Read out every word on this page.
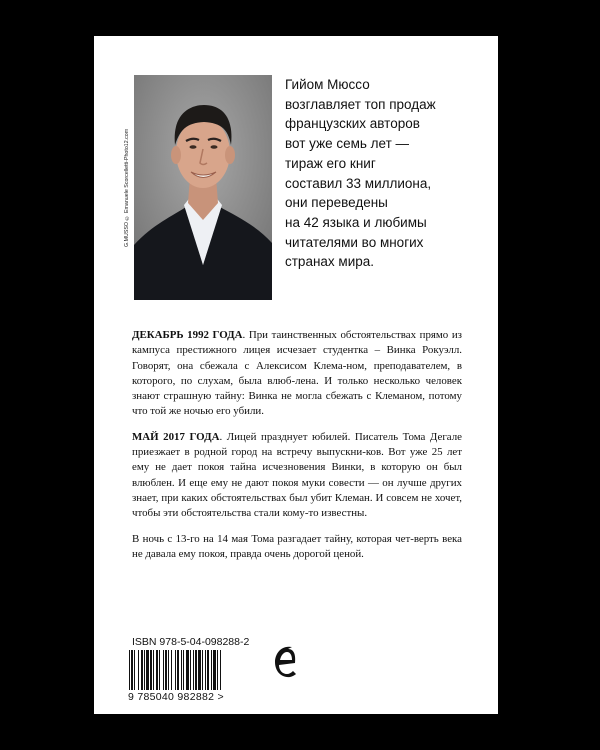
G.MUSSO © Emanuele Scorcelletti-Photo12.com
Гийом Мюссо
возглавляет топ продаж
французских авторов
вот уже семь лет —
тираж его книг
составил 33 миллиона,
они переведены
на 42 языка и любимы
читателями во многих
странах мира.

ДЕКАБРЬ 1992 ГОДА. При таинственных обстоятельствах прямо из кампуса престижного лицея исчезает студентка – Винка Рокуэлл. Говорят, она сбежала с Алексисом Клема-ном, преподавателем, в которого, по слухам, была влюб-лена. И только несколько человек знают страшную тайну: Винка не могла сбежать с Клеманом, потому что той же ночью его убили.

МАЙ 2017 ГОДА. Лицей празднует юбилей. Писатель Тома Дегале приезжает в родной город на встречу выпускни-ков. Вот уже 25 лет ему не дает покоя тайна исчезновения Винки, в которую он был влюблен. И еще ему не дают покоя муки совести — он лучше других знает, при каких обстоятельствах был убит Клеман. И совсем не хочет, чтобы эти обстоятельства стали кому-то известны.

В ночь с 13-го на 14 мая Тома разгадает тайну, которая чет-верть века не давала ему покоя, правда очень дорогой ценой.

ISBN 978-5-04-098288-2
9 785040 982882 >
